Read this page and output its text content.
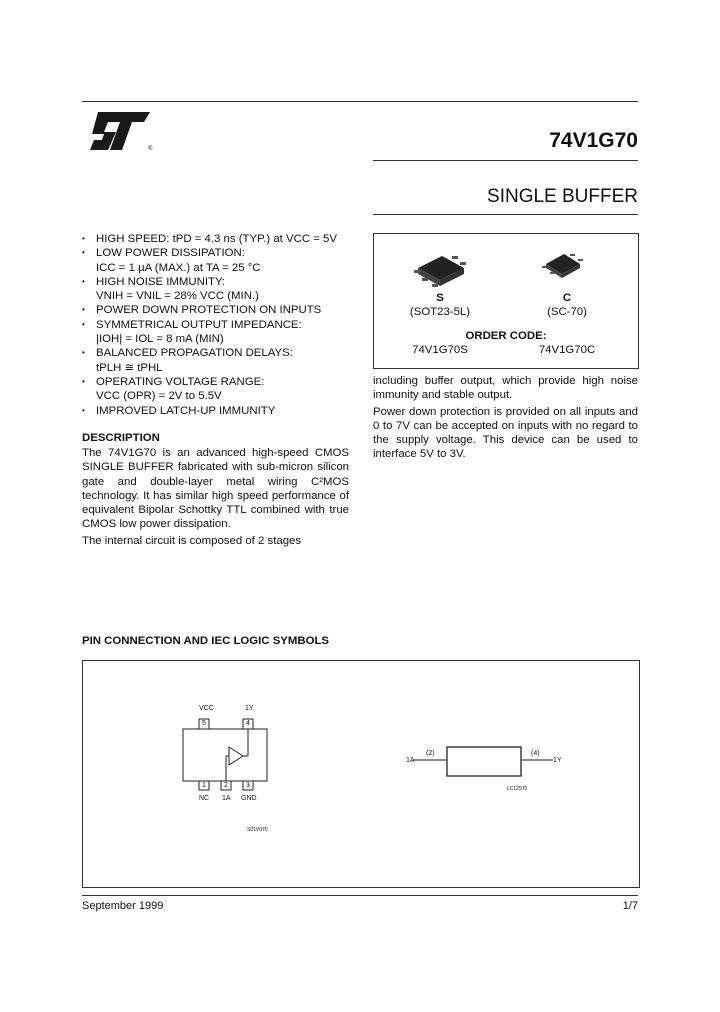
®	74V1G70
SINGLE BUFFER
• HIGH SPEED: tPD = 4.3 ns (TYP.) at VCC = 5V
• LOW POWER DISSIPATION:
ICC = 1 µA (MAX.) at TA = 25 °C
• HIGH NOISE IMMUNITY:
VNIH = VNIL = 28% VCC (MIN.)
• POWER DOWN PROTECTION ON INPUTS
• SYMMETRICAL OUTPUT IMPEDANCE:
|IOH| = IOL = 8 mA (MIN)
• BALANCED PROPAGATION DELAYS:
tPLH ≅ tPHL
• OPERATING VOLTAGE RANGE:
VCC (OPR) = 2V to 5.5V
• IMPROVED LATCH-UP IMMUNITY
S
(SOT23-5L)
C
(SC-70)
ORDER CODE:
74V1G70S	74V1G70C
DESCRIPTION

The 74V1G70 is an advanced high-speed CMOS SINGLE BUFFER fabricated with sub-micron silicon gate and double-layer metal wiring C²MOS technology. It has similar high speed performance of equivalent Bipolar Schottky TTL combined with true CMOS low power dissipation.

The internal circuit is composed of 2 stages

including buffer output, which provide high noise immunity and stable output.

Power down protection is provided on all inputs and 0 to 7V can be accepted on inputs with no regard to the supply voltage. This device can be used to interface 5V to 3V.

PIN CONNECTION AND IEC LOGIC SYMBOLS
VCC	1Y
5	4
1	2	3
NC 1A GND
S01V070
1A
(2)	(4)
1Y
LC12570
September 1999	1/7
